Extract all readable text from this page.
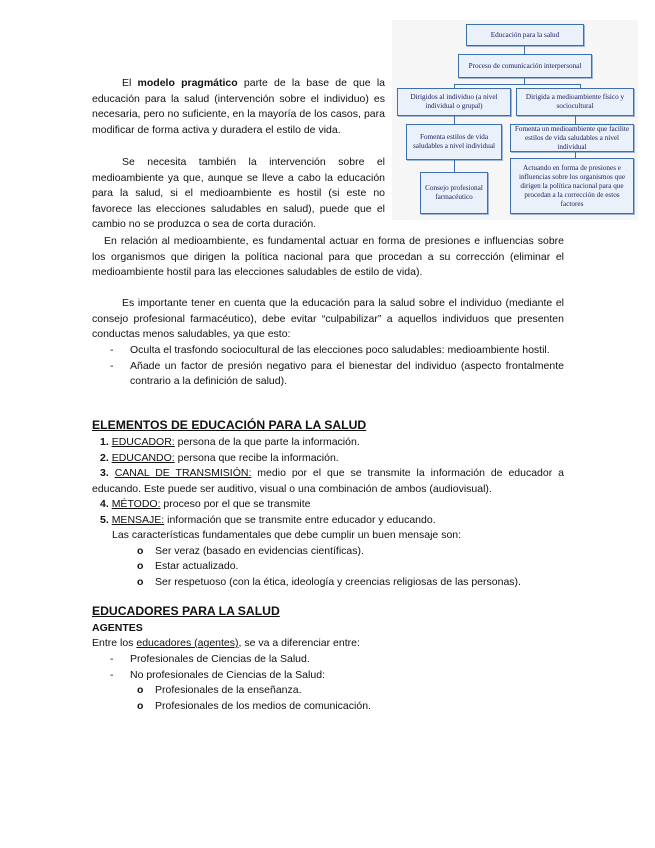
El modelo pragmático parte de la base de que la educación para la salud (intervención sobre el individuo) es necesaria, pero no suficiente, en la mayoría de los casos, para modificar de forma activa y duradera el estilo de vida.
Se necesita también la intervención sobre el medioambiente ya que, aunque se lleve a cabo la educación para la salud, si el medioambiente es hostil (si este no favorece las elecciones saludables en salud), puede que el cambio no se produzca o sea de corta duración.
Educación para la salud
Proceso de comunicación interpersonal
Dirigidos al individuo (a nivel individual o grupal)
Dirigida a medioambiente físico y sociocultural
Fomenta estilos de vida saludables a nivel individual
Fomenta un medioambiente que facilite estilos de vida saludables a nivel individual
Consejo profesional farmacéutico
Actuando en forma de presiones e influencias sobre los organismos que dirigen la política nacional para que procedan a la corrección de estos factores
En relación al medioambiente, es fundamental actuar en forma de presiones e influencias sobre los organismos que dirigen la política nacional para que procedan a su corrección (eliminar el medioambiente hostil para las elecciones saludables de estilo de vida).
Es importante tener en cuenta que la educación para la salud sobre el individuo (mediante el consejo profesional farmacéutico), debe evitar “culpabilizar” a aquellos individuos que presenten conductas menos saludables, ya que esto:
- Oculta el trasfondo sociocultural de las elecciones poco saludables: medioambiente hostil.
- Añade un factor de presión negativo para el bienestar del individuo (aspecto frontalmente contrario a la definición de salud).
ELEMENTOS DE EDUCACIÓN PARA LA SALUD
1. EDUCADOR: persona de la que parte la información.
2. EDUCANDO: persona que recibe la información.
3. CANAL DE TRANSMISIÓN: medio por el que se transmite la información de educador a educando. Este puede ser auditivo, visual o una combinación de ambos (audiovisual).
4. MÉTODO: proceso por el que se transmite
5. MENSAJE: información que se transmite entre educador y educando.
Las características fundamentales que debe cumplir un buen mensaje son:
o Ser veraz (basado en evidencias científicas).
o Estar actualizado.
o Ser respetuoso (con la ética, ideología y creencias religiosas de las personas).
EDUCADORES PARA LA SALUD
AGENTES
Entre los educadores (agentes), se va a diferenciar entre:
- Profesionales de Ciencias de la Salud.
- No profesionales de Ciencias de la Salud:
o Profesionales de la enseñanza.
o Profesionales de los medios de comunicación.
